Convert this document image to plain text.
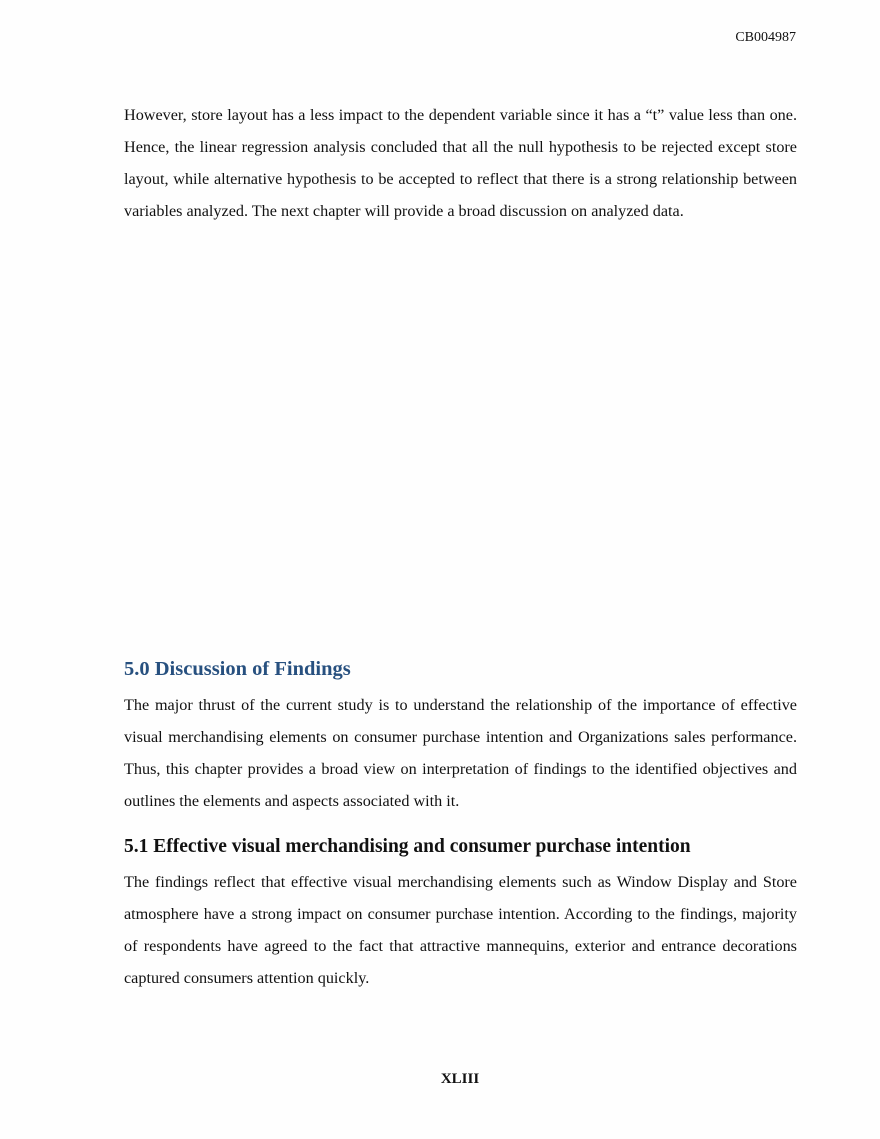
CB004987

However, store layout has a less impact to the dependent variable since it has a “t” value less than one. Hence, the linear regression analysis concluded that all the null hypothesis to be rejected except store layout, while alternative hypothesis to be accepted to reflect that there is a strong relationship between variables analyzed. The next chapter will provide a broad discussion on analyzed data.

5.0 Discussion of Findings

The major thrust of the current study is to understand the relationship of the importance of effective visual merchandising elements on consumer purchase intention and Organizations sales performance. Thus, this chapter provides a broad view on interpretation of findings to the identified objectives and outlines the elements and aspects associated with it.

5.1 Effective visual merchandising and consumer purchase intention

The findings reflect that effective visual merchandising elements such as Window Display and Store atmosphere have a strong impact on consumer purchase intention. According to the findings, majority of respondents have agreed to the fact that attractive mannequins, exterior and entrance decorations captured consumers attention quickly.

XLIII
